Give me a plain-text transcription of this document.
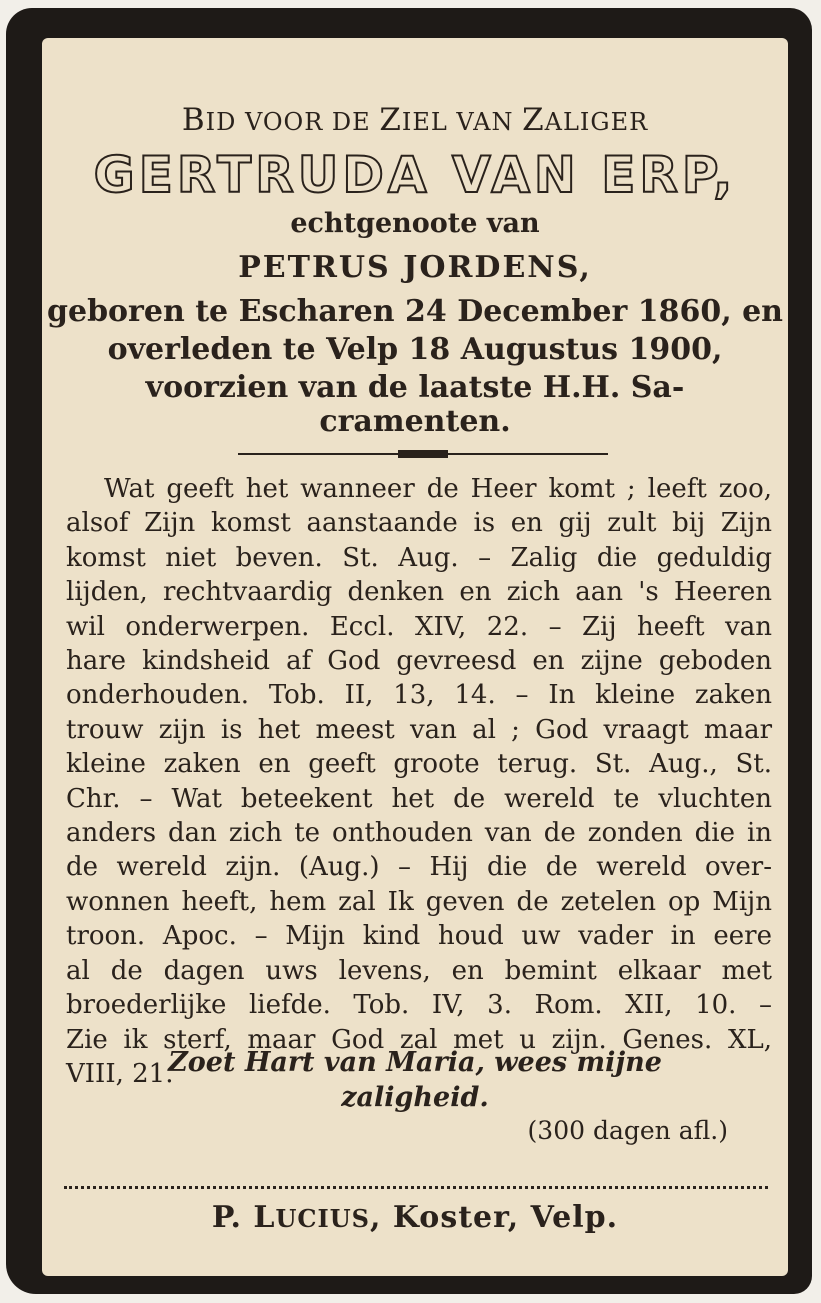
BID VOOR DE ZIEL VAN ZALIGER
GERTRUDA VAN ERP,
echtgenoote van
PETRUS JORDENS,
geboren te Escharen 24 December 1860, en
overleden te Velp 18 Augustus 1900,
voorzien van de laatste H.H. Sa-
cramenten.
Wat geeft het wanneer de Heer komt ; leeft zoo,
alsof Zijn komst aanstaande is en gij zult bij Zijn
komst niet beven. St. Aug. – Zalig die geduldig
lijden, rechtvaardig denken en zich aan 's Heeren
wil onderwerpen. Eccl. XIV, 22. – Zij heeft van
hare kindsheid af God gevreesd en zijne geboden
onderhouden. Tob. II, 13, 14. – In kleine zaken
trouw zijn is het meest van al ; God vraagt maar
kleine zaken en geeft groote terug. St. Aug., St.
Chr. – Wat beteekent het de wereld te vluchten
anders dan zich te onthouden van de zonden die in
de wereld zijn. (Aug.) – Hij die de wereld over-
wonnen heeft, hem zal Ik geven de zetelen op Mijn
troon. Apoc. – Mijn kind houd uw vader in eere
al de dagen uws levens, en bemint elkaar met
broederlijke liefde. Tob. IV, 3. Rom. XII, 10. –
Zie ik sterf, maar God zal met u zijn. Genes. XL,
VIII, 21.
Zoet Hart van Maria, wees mijne
zaligheid.
(300 dagen afl.)
P. LUCIUS, Koster, Velp.
